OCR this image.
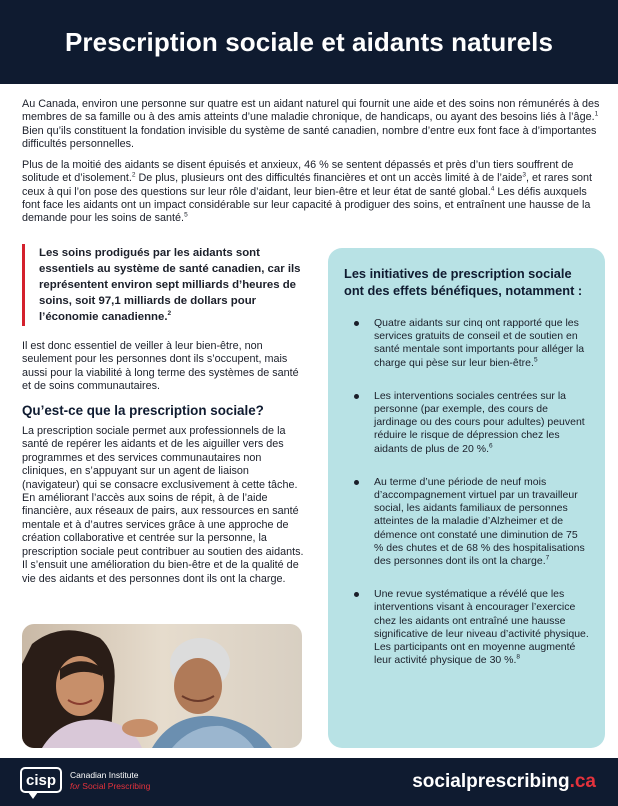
Prescription sociale et aidants naturels

Au Canada, environ une personne sur quatre est un aidant naturel qui fournit une aide et des soins non rémunérés à des membres de sa famille ou à des amis atteints d’une maladie chronique, de handicaps, ou ayant des besoins liés à l’âge.$^1$ Bien qu’ils constituent la fondation invisible du système de santé canadien, nombre d’entre eux font face à d’importantes difficultés personnelles.

Plus de la moitié des aidants se disent épuisés et anxieux, 46 % se sentent dépassés et près d’un tiers souffrent de solitude et d’isolement.$^2$ De plus, plusieurs ont des difficultés financières et ont un accès limité à de l’aide$^3$, et rares sont ceux à qui l’on pose des questions sur leur rôle d’aidant, leur bien-être et leur état de santé global.$^4$ Les défis auxquels font face les aidants ont un impact considérable sur leur capacité à prodiguer des soins, et entraînent une hausse de la demande pour les soins de santé.$^5$

Les soins prodigués par les aidants sont essentiels au système de santé canadien, car ils représentent environ sept milliards d’heures de soins, soit 97,1 milliards de dollars pour l’économie canadienne.$^2$

Il est donc essentiel de veiller à leur bien-être, non seulement pour les personnes dont ils s’occupent, mais aussi pour la viabilité à long terme des systèmes de santé et de soins communautaires.

Qu’est-ce que la prescription sociale?

La prescription sociale permet aux professionnels de la santé de repérer les aidants et de les aiguiller vers des programmes et des services communautaires non cliniques, en s’appuyant sur un agent de liaison (navigateur) qui se consacre exclusivement à cette tâche. En améliorant l’accès aux soins de répit, à de l’aide financière, aux réseaux de pairs, aux ressources en santé mentale et à d’autres services grâce à une approche de création collaborative et centrée sur la personne, la prescription sociale peut contribuer au soutien des aidants. Il s’ensuit une amélioration du bien-être et de la qualité de vie des aidants et des personnes dont ils ont la charge.

Les initiatives de prescription sociale ont des effets bénéfiques, notamment :
Quatre aidants sur cinq ont rapporté que les services gratuits de conseil et de soutien en santé mentale sont importants pour alléger la charge qui pèse sur leur bien-être.$^5$
Les interventions sociales centrées sur la personne (par exemple, des cours de jardinage ou des cours pour adultes) peuvent réduire le risque de dépression chez les aidants de plus de 20 %.$^6$
Au terme d’une période de neuf mois d’accompagnement virtuel par un travailleur social, les aidants familiaux de personnes atteintes de la maladie d’Alzheimer et de démence ont constaté une diminution de 75 % des chutes et de 68 % des hospitalisations des personnes dont ils ont la charge.$^7$
Une revue systématique a révélé que les interventions visant à encourager l’exercice chez les aidants ont entraîné une hausse significative de leur niveau d’activité physique. Les participants ont en moyenne augmenté leur activité physique de 30 %.$^8$
cisp	Canadian Institute
for Social Prescribing	socialprescribing.ca
